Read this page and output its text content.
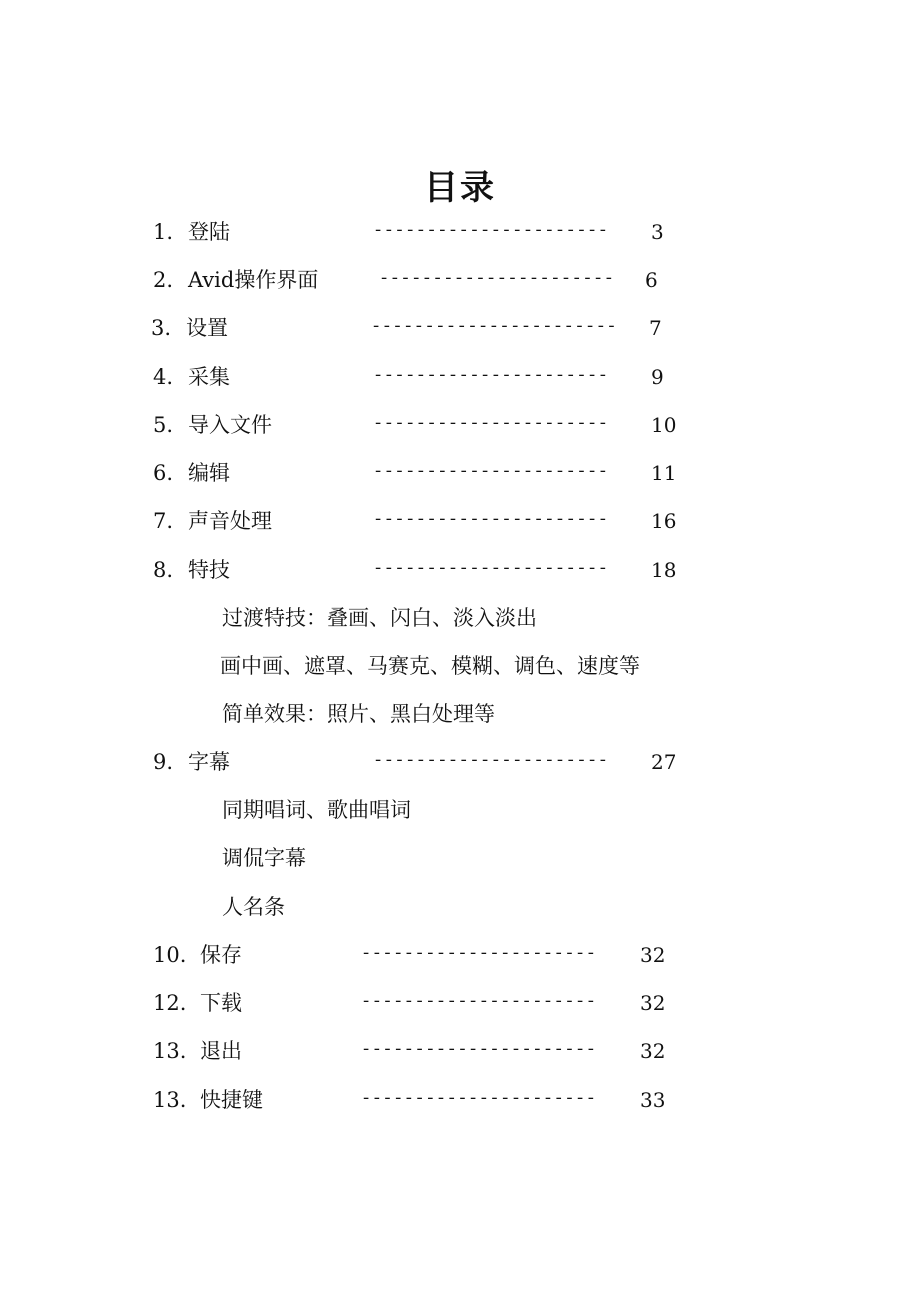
目录
1. 登陆	---------------------- 3
2. Avid操作界面	---------------------- 6
3. 设置	----------------------- 7
4. 采集	---------------------- 9
5. 导入文件	---------------------- 10
6. 编辑	---------------------- 11
7. 声音处理	---------------------- 16
8. 特技	---------------------- 18
过渡特技：叠画、闪白、淡入淡出
画中画、遮罩、马赛克、模糊、调色、速度等
简单效果：照片、黑白处理等
9. 字幕	---------------------- 27
同期唱词、歌曲唱词
调侃字幕
人名条
10. 保存	---------------------- 32
12. 下载	---------------------- 32
13. 退出	---------------------- 32
13. 快捷键	---------------------- 33
